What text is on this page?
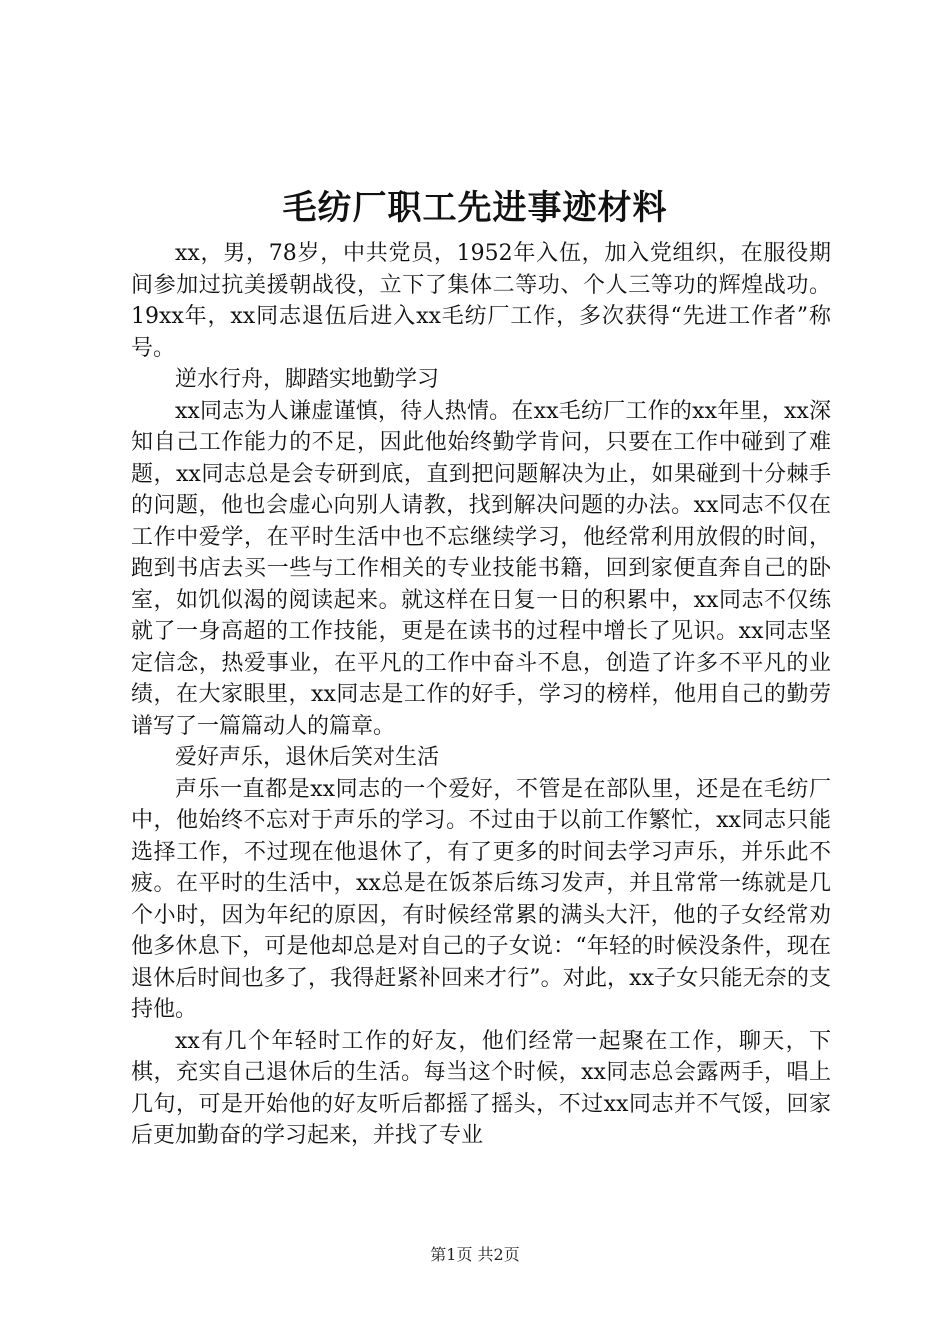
毛纺厂职工先进事迹材料

xx，男，78岁，中共党员，1952年入伍，加入党组织，在服役期间参加过抗美援朝战役，立下了集体二等功、个人三等功的辉煌战功。19xx年，xx同志退伍后进入xx毛纺厂工作，多次获得“先进工作者”称号。

逆水行舟，脚踏实地勤学习

xx同志为人谦虚谨慎，待人热情。在xx毛纺厂工作的xx年里，xx深知自己工作能力的不足，因此他始终勤学肯问，只要在工作中碰到了难题，xx同志总是会专研到底，直到把问题解决为止，如果碰到十分棘手的问题，他也会虚心向别人请教，找到解决问题的办法。xx同志不仅在工作中爱学，在平时生活中也不忘继续学习，他经常利用放假的时间，跑到书店去买一些与工作相关的专业技能书籍，回到家便直奔自己的卧室，如饥似渴的阅读起来。就这样在日复一日的积累中，xx同志不仅练就了一身高超的工作技能，更是在读书的过程中增长了见识。xx同志坚定信念，热爱事业，在平凡的工作中奋斗不息，创造了许多不平凡的业绩，在大家眼里，xx同志是工作的好手，学习的榜样，他用自己的勤劳谱写了一篇篇动人的篇章。

爱好声乐，退休后笑对生活

声乐一直都是xx同志的一个爱好，不管是在部队里，还是在毛纺厂中，他始终不忘对于声乐的学习。不过由于以前工作繁忙，xx同志只能选择工作，不过现在他退休了，有了更多的时间去学习声乐，并乐此不疲。在平时的生活中，xx总是在饭茶后练习发声，并且常常一练就是几个小时，因为年纪的原因，有时候经常累的满头大汗，他的子女经常劝他多休息下，可是他却总是对自己的子女说：“年轻的时候没条件，现在退休后时间也多了，我得赶紧补回来才行”。对此，xx子女只能无奈的支持他。

xx有几个年轻时工作的好友，他们经常一起聚在工作，聊天，下棋，充实自己退休后的生活。每当这个时候，xx同志总会露两手，唱上几句，可是开始他的好友听后都摇了摇头，不过xx同志并不气馁，回家后更加勤奋的学习起来，并找了专业

第1页 共2页
